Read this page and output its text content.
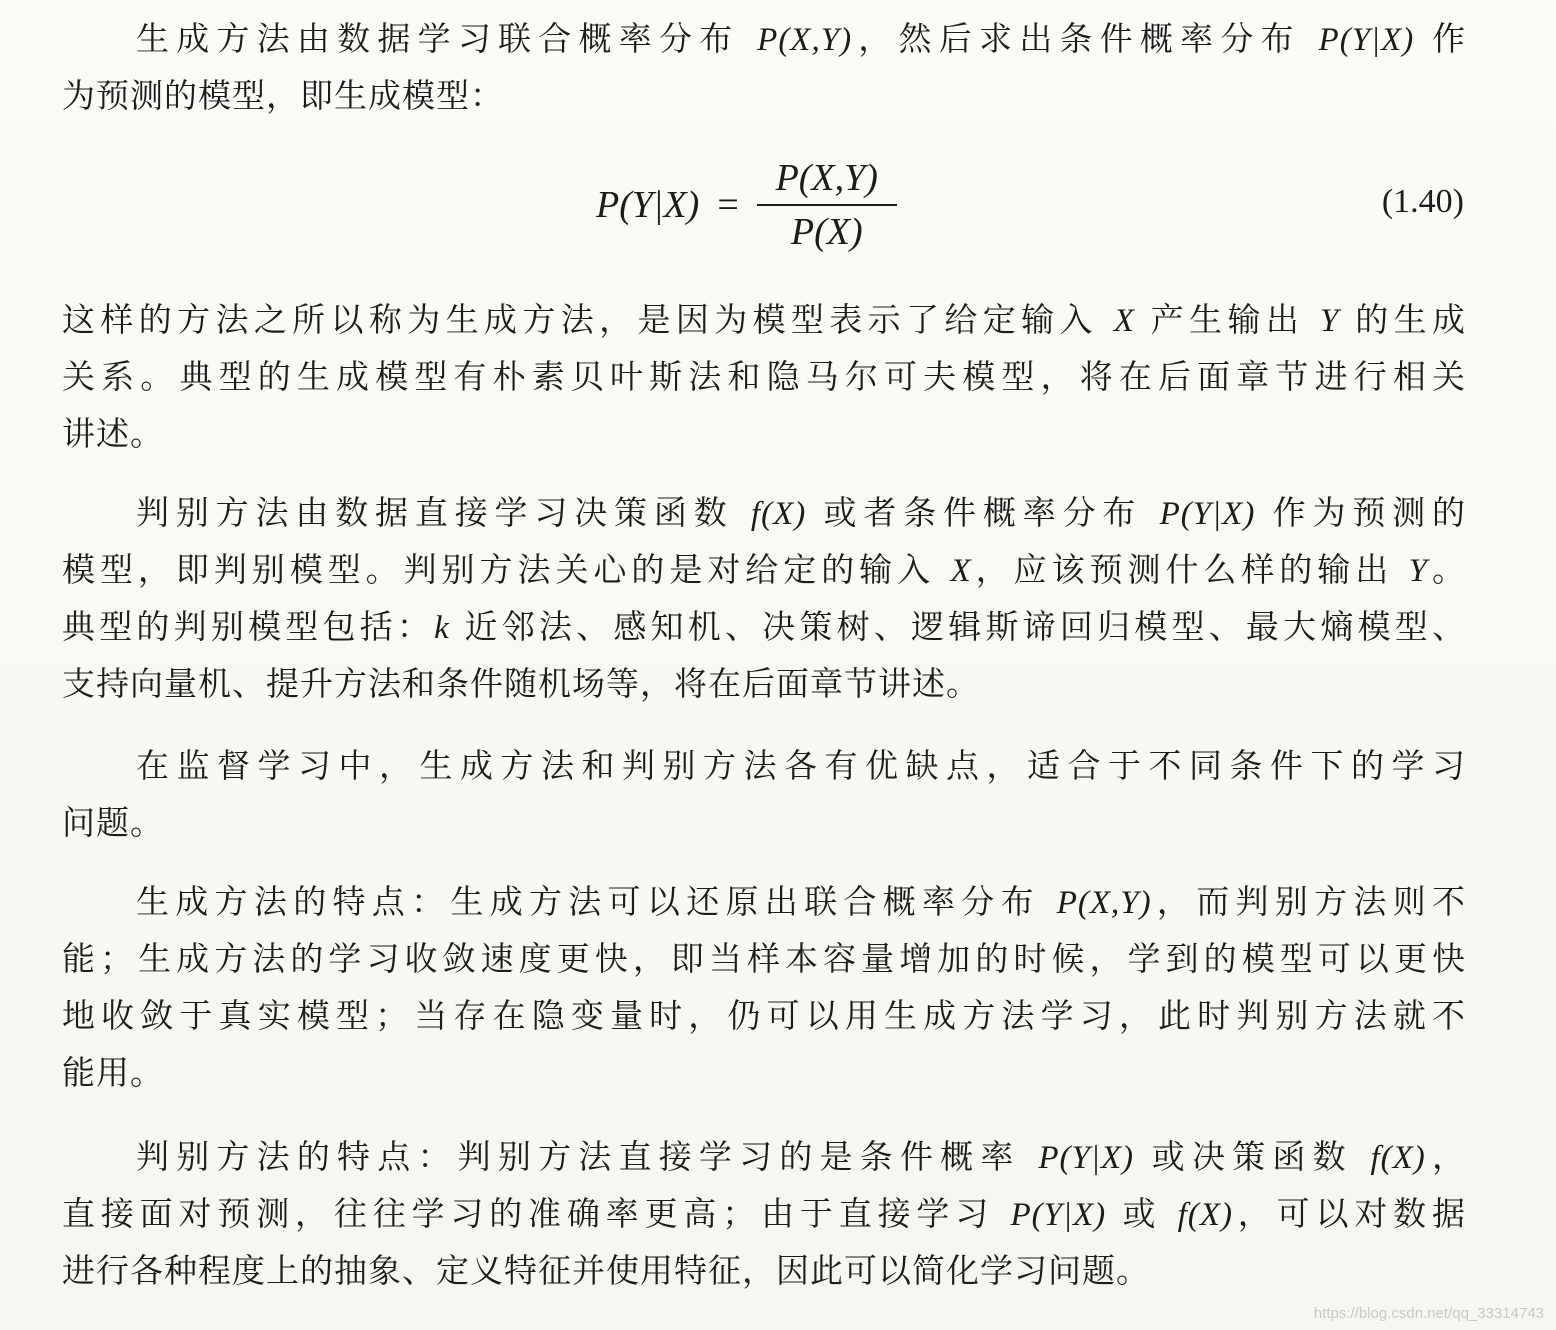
生成方法由数据学习联合概率分布 P(X,Y)，然后求出条件概率分布 P(Y|X) 作
为预测的模型，即生成模型：
$P(Y|X) = \frac{P(X,Y)}{P(X)}$	(1.40)
这样的方法之所以称为生成方法，是因为模型表示了给定输入 X 产生输出 Y 的生成
关系。典型的生成模型有朴素贝叶斯法和隐马尔可夫模型，将在后面章节进行相关
讲述。
判别方法由数据直接学习决策函数 f(X) 或者条件概率分布 P(Y|X) 作为预测的
模型，即判别模型。判别方法关心的是对给定的输入 X，应该预测什么样的输出 Y。
典型的判别模型包括：k 近邻法、感知机、决策树、逻辑斯谛回归模型、最大熵模型、
支持向量机、提升方法和条件随机场等，将在后面章节讲述。
在监督学习中，生成方法和判别方法各有优缺点，适合于不同条件下的学习
问题。
生成方法的特点：生成方法可以还原出联合概率分布 P(X,Y)，而判别方法则不
能；生成方法的学习收敛速度更快，即当样本容量增加的时候，学到的模型可以更快
地收敛于真实模型；当存在隐变量时，仍可以用生成方法学习，此时判别方法就不
能用。
判别方法的特点：判别方法直接学习的是条件概率 P(Y|X) 或决策函数 f(X)，
直接面对预测，往往学习的准确率更高；由于直接学习 P(Y|X) 或 f(X)，可以对数据
进行各种程度上的抽象、定义特征并使用特征，因此可以简化学习问题。
https://blog.csdn.net/qq_33314743
